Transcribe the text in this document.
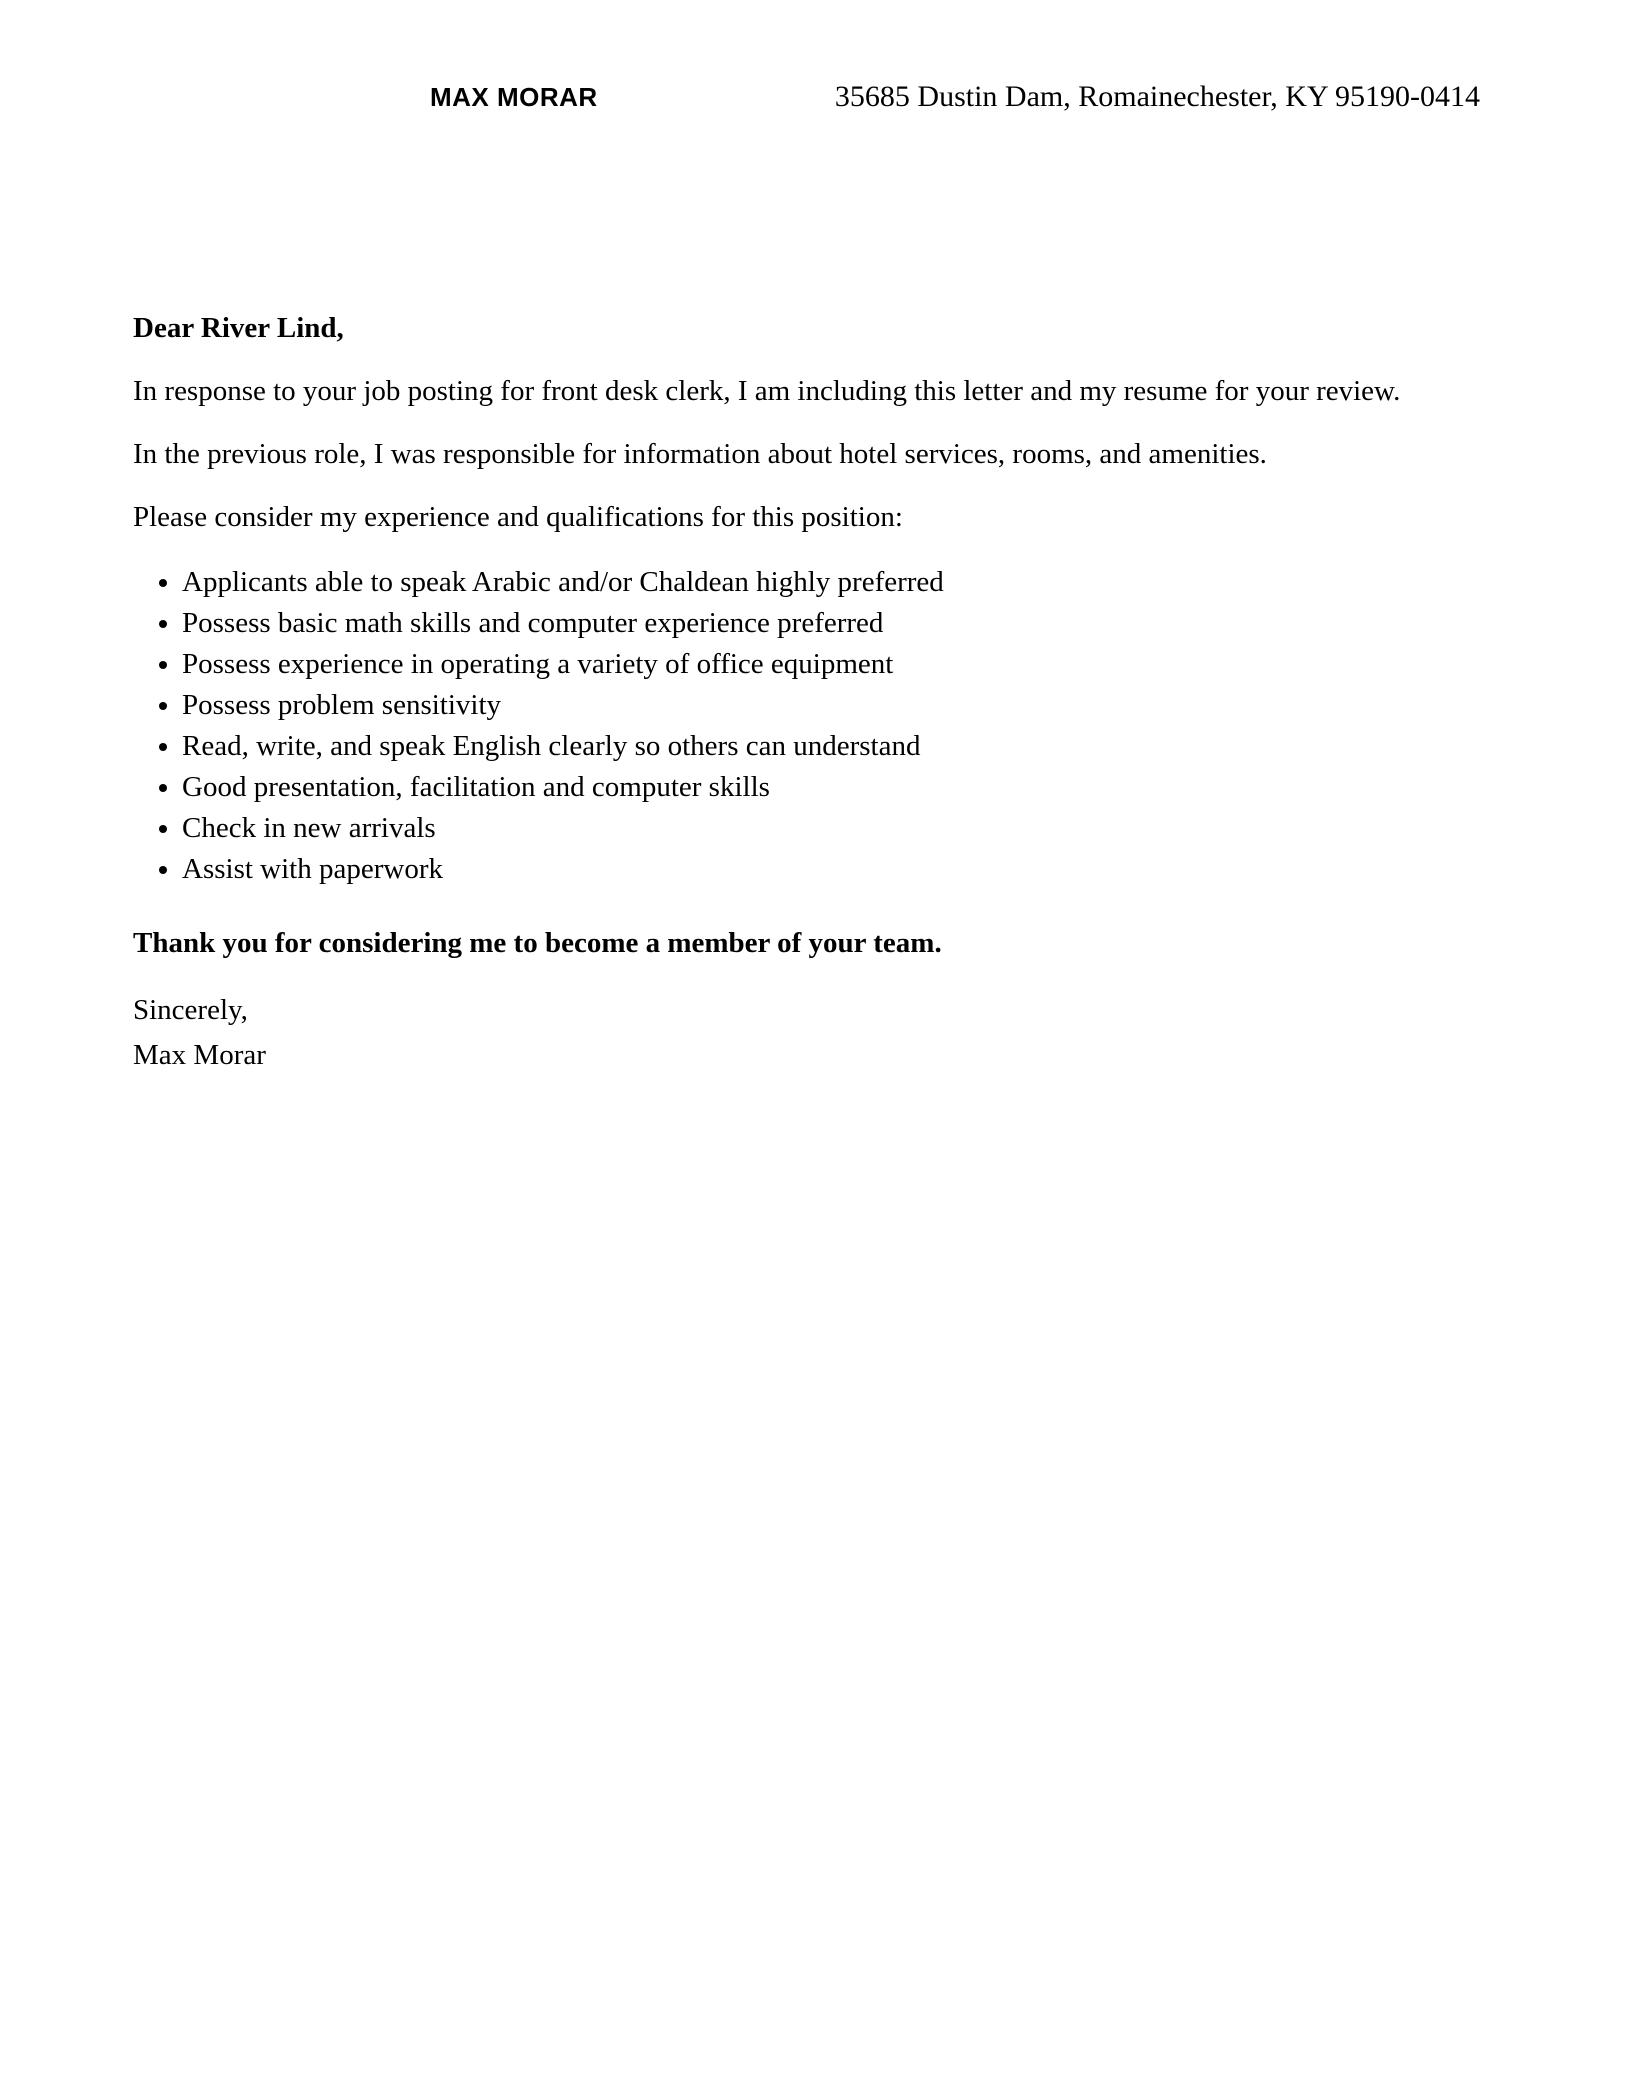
MAX MORAR	35685 Dustin Dam, Romainechester, KY 95190-0414

Dear River Lind,

In response to your job posting for front desk clerk, I am including this letter and my resume for your review.

In the previous role, I was responsible for information about hotel services, rooms, and amenities.

Please consider my experience and qualifications for this position:

• Applicants able to speak Arabic and/or Chaldean highly preferred
• Possess basic math skills and computer experience preferred
• Possess experience in operating a variety of office equipment
• Possess problem sensitivity
• Read, write, and speak English clearly so others can understand
• Good presentation, facilitation and computer skills
• Check in new arrivals
• Assist with paperwork

Thank you for considering me to become a member of your team.

Sincerely,
Max Morar
